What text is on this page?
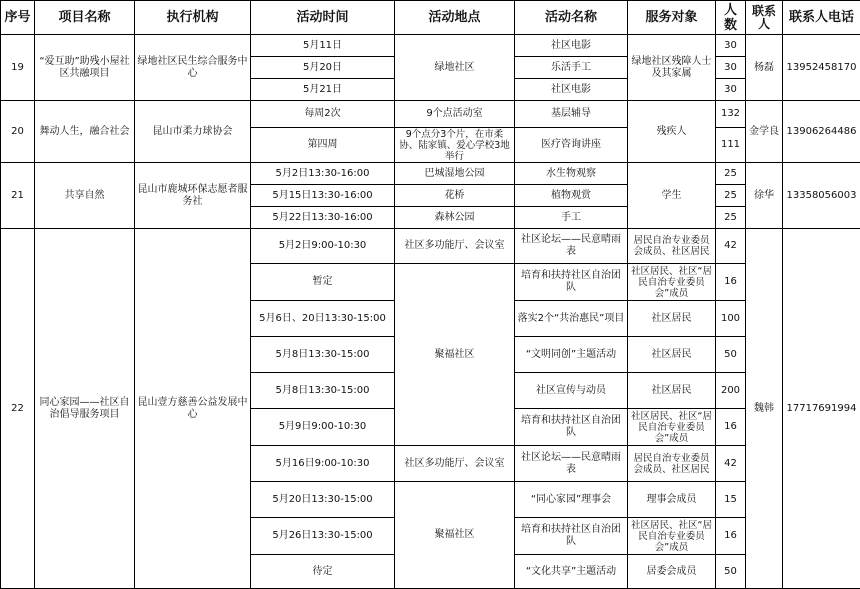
序号	项目名称	执行机构	活动时间	活动地点	活动名称	服务对象	人数	联系人	联系人电话
19	“爱互助”助残小屋社区共融项目	绿地社区民生综合服务中心	5月11日	绿地社区	社区电影	绿地社区残障人士及其家属	30	杨磊	13952458170
			5月20日		乐活手工		30		
			5月21日		社区电影		30		
20	舞动人生，融合社会	昆山市柔力球协会	每周2次	9个点活动室	基层辅导	残疾人	132	金学良	13906264486
			第四周	9个点分3个片，在市柔协、陆家镇、爱心学校3地举行	医疗咨询讲座		111		
21	共享自然	昆山市鹿城环保志愿者服务社	5月2日13:30-16:00	巴城湿地公园	水生物观察	学生	25	徐华	13358056003
			5月15日13:30-16:00	花桥	植物观赏		25		
			5月22日13:30-16:00	森林公园	手工		25		
22	同心家园——社区自治倡导服务项目	昆山壹方慈善公益发展中心	5月2日9:00-10:30	社区多功能厅、会议室	社区论坛——民意晴雨表	居民自治专业委员会成员、社区居民	42	魏韩	17717691994
			暂定	聚福社区	培育和扶持社区自治团队	社区居民、社区“居民自治专业委员会”成员	16		
			5月6日、20日13:30-15:00		落实2个“共治惠民”项目	社区居民	100		
			5月8日13:30-15:00		“文明同创”主题活动	社区居民	50		
			5月8日13:30-15:00		社区宣传与动员	社区居民	200		
			5月9日9:00-10:30		培育和扶持社区自治团队	社区居民、社区“居民自治专业委员会”成员	16		
			5月16日9:00-10:30	社区多功能厅、会议室	社区论坛——民意晴雨表	居民自治专业委员会成员、社区居民	42		
			5月20日13:30-15:00	聚福社区	“同心家园”理事会	理事会成员	15		
			5月26日13:30-15:00		培育和扶持社区自治团队	社区居民、社区“居民自治专业委员会”成员	16		
			待定		“文化共享”主题活动	居委会成员	50		
